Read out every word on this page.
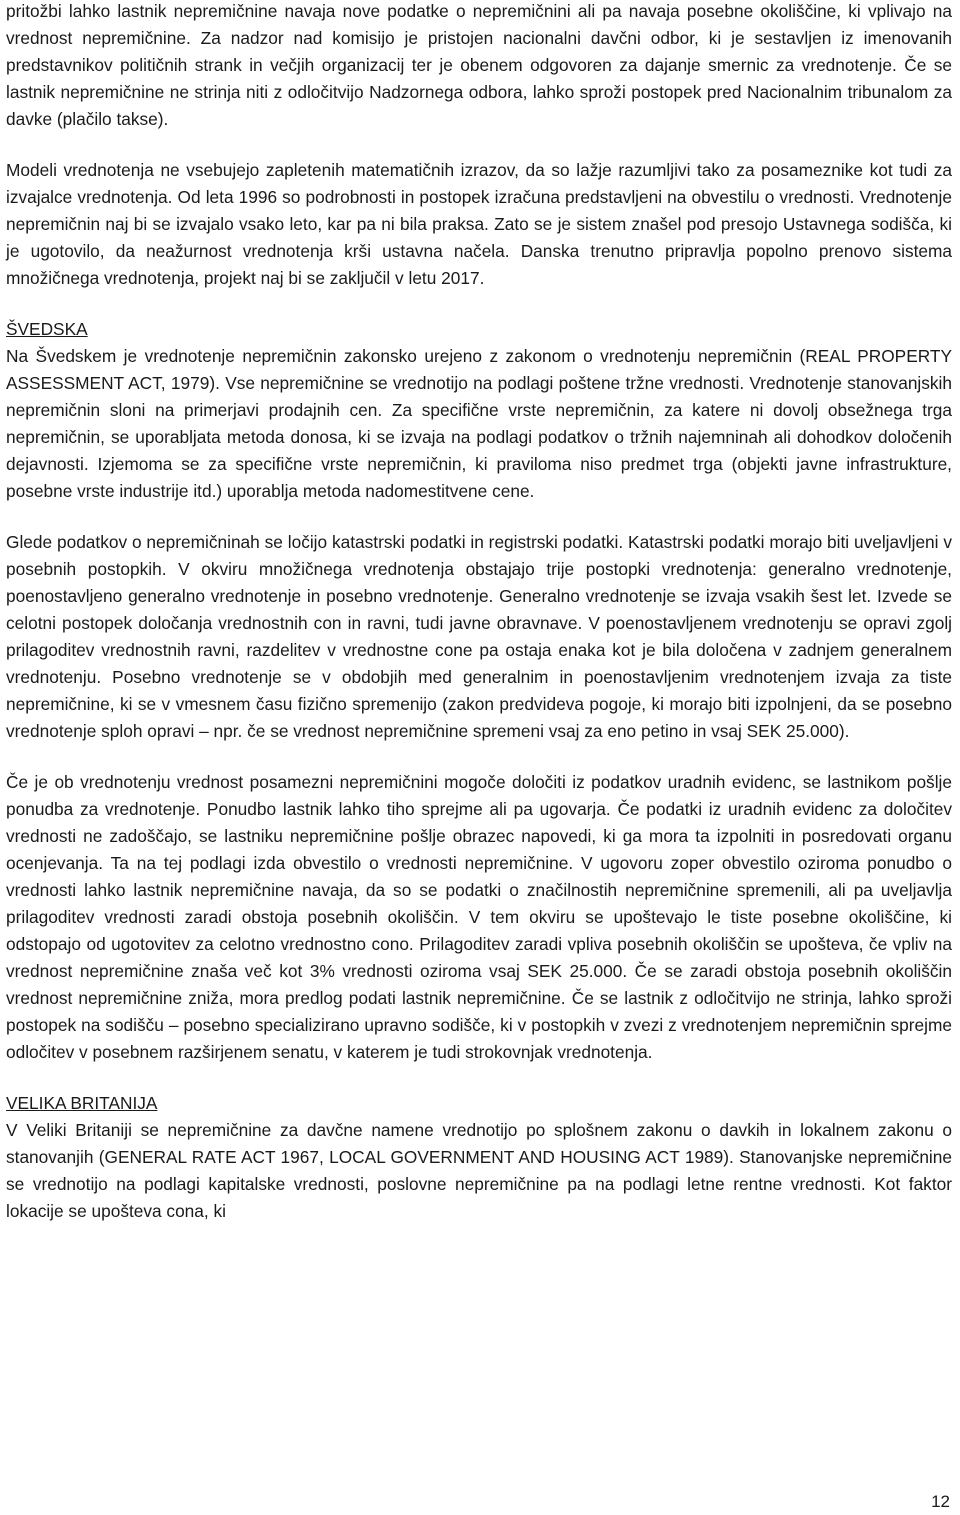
pritožbi lahko lastnik nepremičnine navaja nove podatke o nepremičnini ali pa navaja posebne okoliščine, ki vplivajo na vrednost nepremičnine. Za nadzor nad komisijo je pristojen nacionalni davčni odbor, ki je sestavljen iz imenovanih predstavnikov političnih strank in večjih organizacij ter je obenem odgovoren za dajanje smernic za vrednotenje. Če se lastnik nepremičnine ne strinja niti z odločitvijo Nadzornega odbora, lahko sproži postopek pred Nacionalnim tribunalom za davke (plačilo takse).

Modeli vrednotenja ne vsebujejo zapletenih matematičnih izrazov, da so lažje razumljivi tako za posameznike kot tudi za izvajalce vrednotenja. Od leta 1996 so podrobnosti in postopek izračuna predstavljeni na obvestilu o vrednosti. Vrednotenje nepremičnin naj bi se izvajalo vsako leto, kar pa ni bila praksa. Zato se je sistem znašel pod presojo Ustavnega sodišča, ki je ugotovilo, da neažurnost vrednotenja krši ustavna načela. Danska trenutno pripravlja popolno prenovo sistema množičnega vrednotenja, projekt naj bi se zaključil v letu 2017.

ŠVEDSKA

Na Švedskem je vrednotenje nepremičnin zakonsko urejeno z zakonom o vrednotenju nepremičnin (REAL PROPERTY ASSESSMENT ACT, 1979). Vse nepremičnine se vrednotijo na podlagi poštene tržne vrednosti. Vrednotenje stanovanjskih nepremičnin sloni na primerjavi prodajnih cen. Za specifične vrste nepremičnin, za katere ni dovolj obsežnega trga nepremičnin, se uporabljata metoda donosa, ki se izvaja na podlagi podatkov o tržnih najemninah ali dohodkov določenih dejavnosti. Izjemoma se za specifične vrste nepremičnin, ki praviloma niso predmet trga (objekti javne infrastrukture, posebne vrste industrije itd.) uporablja metoda nadomestitvene cene.

Glede podatkov o nepremičninah se ločijo katastrski podatki in registrski podatki. Katastrski podatki morajo biti uveljavljeni v posebnih postopkih. V okviru množičnega vrednotenja obstajajo trije postopki vrednotenja: generalno vrednotenje, poenostavljeno generalno vrednotenje in posebno vrednotenje. Generalno vrednotenje se izvaja vsakih šest let. Izvede se celotni postopek določanja vrednostnih con in ravni, tudi javne obravnave. V poenostavljenem vrednotenju se opravi zgolj prilagoditev vrednostnih ravni, razdelitev v vrednostne cone pa ostaja enaka kot je bila določena v zadnjem generalnem vrednotenju. Posebno vrednotenje se v obdobjih med generalnim in poenostavljenim vrednotenjem izvaja za tiste nepremičnine, ki se v vmesnem času fizično spremenijo (zakon predvideva pogoje, ki morajo biti izpolnjeni, da se posebno vrednotenje sploh opravi – npr. če se vrednost nepremičnine spremeni vsaj za eno petino in vsaj SEK 25.000).

Če je ob vrednotenju vrednost posamezni nepremičnini mogoče določiti iz podatkov uradnih evidenc, se lastnikom pošlje ponudba za vrednotenje. Ponudbo lastnik lahko tiho sprejme ali pa ugovarja. Če podatki iz uradnih evidenc za določitev vrednosti ne zadoščajo, se lastniku nepremičnine pošlje obrazec napovedi, ki ga mora ta izpolniti in posredovati organu ocenjevanja. Ta na tej podlagi izda obvestilo o vrednosti nepremičnine. V ugovoru zoper obvestilo oziroma ponudbo o vrednosti lahko lastnik nepremičnine navaja, da so se podatki o značilnostih nepremičnine spremenili, ali pa uveljavlja prilagoditev vrednosti zaradi obstoja posebnih okoliščin. V tem okviru se upoštevajo le tiste posebne okoliščine, ki odstopajo od ugotovitev za celotno vrednostno cono. Prilagoditev zaradi vpliva posebnih okoliščin se upošteva, če vpliv na vrednost nepremičnine znaša več kot 3% vrednosti oziroma vsaj SEK 25.000. Če se zaradi obstoja posebnih okoliščin vrednost nepremičnine zniža, mora predlog podati lastnik nepremičnine. Če se lastnik z odločitvijo ne strinja, lahko sproži postopek na sodišču – posebno specializirano upravno sodišče, ki v postopkih v zvezi z vrednotenjem nepremičnin sprejme odločitev v posebnem razširjenem senatu, v katerem je tudi strokovnjak vrednotenja.

VELIKA BRITANIJA

V Veliki Britaniji se nepremičnine za davčne namene vrednotijo po splošnem zakonu o davkih in lokalnem zakonu o stanovanjih (GENERAL RATE ACT 1967, LOCAL GOVERNMENT AND HOUSING ACT 1989). Stanovanjske nepremičnine se vrednotijo na podlagi kapitalske vrednosti, poslovne nepremičnine pa na podlagi letne rentne vrednosti. Kot faktor lokacije se upošteva cona, ki

12
